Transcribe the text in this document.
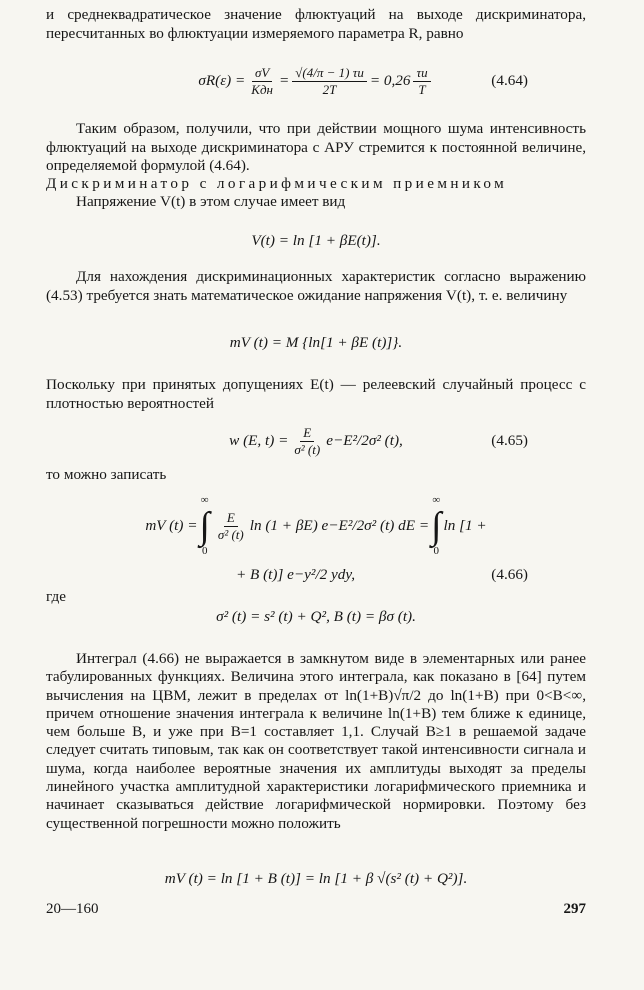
и среднеквадратическое значение флюктуаций на выходе дискриминатора, пересчитанных во флюктуации измеряемого параметра R, равно
$\sigma R(\varepsilon) = \frac{\sigma V}{\text{Kдн}} = \frac{√(4/\pi - 1) \tau и}{2T} = 0,26 \frac{\tau и}{T}$	(4.64)
Таким образом, получили, что при действии мощного шума интенсивность флюктуаций на выходе дискриминатора с АРУ стремится к постоянной величине, определяемой формулой (4.64).
Дискриминатор с логарифмическим приемником
Напряжение V(t) в этом случае имеет вид
V(t) = ln [1 + βE(t)].
Для нахождения дискриминационных характеристик согласно выражению (4.53) требуется знать математическое ожидание напряжения V(t), т. е. величину
mV (t) = M {ln[1 + βE (t)]}.
Поскольку при принятых допущениях E(t) — релеевский случайный процесс с плотностью вероятностей
w (E, $t) = \frac{E}{\text{σ² (t)}} e-E^2/2\sigma^2$ (t),	(4.65)
то можно записать
mV (t) =
∞
∫
0
$\frac{E}{\text{σ² (t)}}$ ln (1 + βE) e−E²/2σ² (t) dE =
∞
∫
0
ln [1 +
+ B (t)] e−y²/2 ydy,	(4.66)
где
σ² (t) = s² (t) + Q², B (t) = βσ (t).
Интеграл (4.66) не выражается в замкнутом виде в элементарных или ранее табулированных функциях. Величина этого интеграла, как показано в [64] путем вычисления на ЦВМ, лежит в пределах от ln(1+B)√π/2 до ln(1+B) при 0<B<∞, причем отношение значения интеграла к величине ln(1+B) тем ближе к единице, чем больше B, и уже при B=1 составляет 1,1. Случай B≥1 в решаемой задаче следует считать типовым, так как он соответствует такой интенсивности сигнала и шума, когда наиболее вероятные значения их амплитуды выходят за пределы линейного участка амплитудной характеристики логарифмического приемника и начинает сказываться действие логарифмической нормировки. Поэтому без существенной погрешности можно положить
mV (t) = ln [1 + B (t)] = ln [1 + β √(s² (t) + Q²)].
20—160	297
